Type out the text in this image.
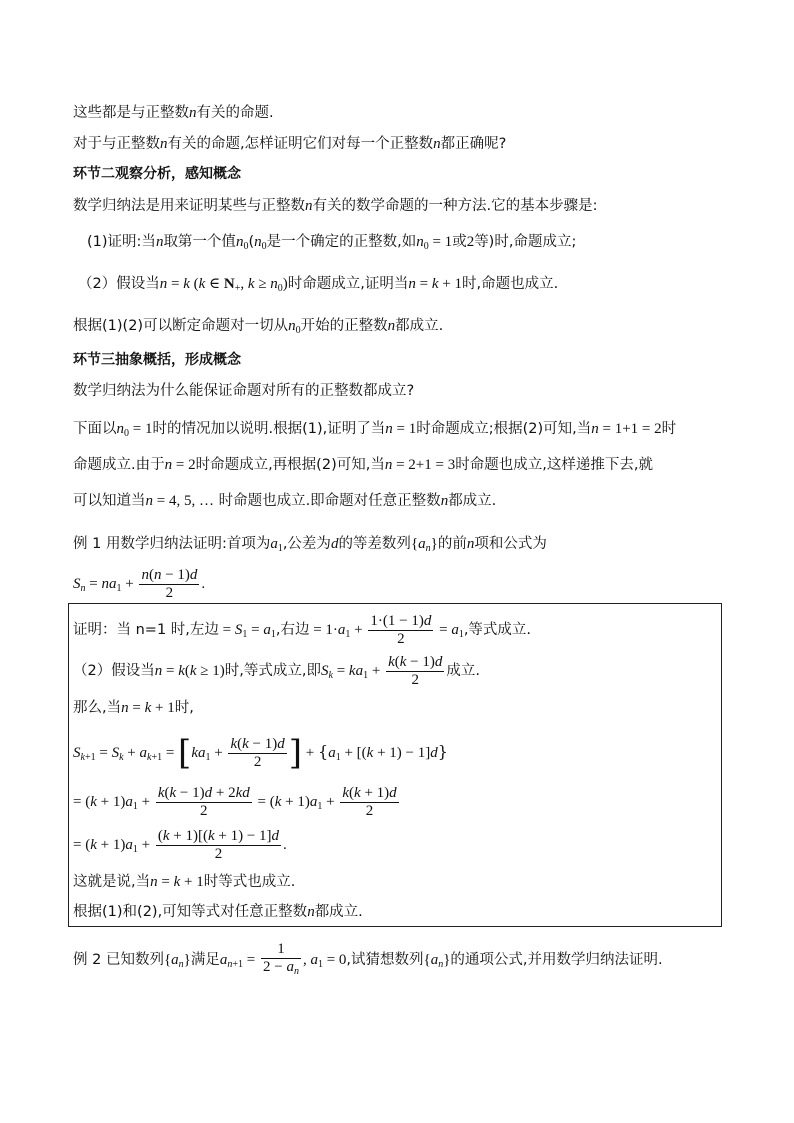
这些都是与正整数n有关的命题.
对于与正整数n有关的命题,怎样证明它们对每一个正整数n都正确呢?
环节二观察分析，感知概念
数学归纳法是用来证明某些与正整数n有关的数学命题的一种方法.它的基本步骤是:
(1)证明:当n取第一个值$n_0(n_0$是一个确定的正整数,如$n_0 = 1$或2等)时,命题成立;
（2）假设当n = k (k ∈ $N_+$, $k \ge n_0$)时命题成立,证明当n = k + 1时,命题也成立.
根据(1)(2)可以断定命题对一切从$n_0$开始的正整数n都成立.
环节三抽象概括，形成概念
数学归纳法为什么能保证命题对所有的正整数都成立?
下面以$n_0 = 1$时的情况加以说明.根据(1),证明了当n = 1时命题成立;根据(2)可知,当n = 1+1 = 2时
命题成立.由于n = 2时命题成立,再根据(2)可知,当n = 2+1 = 3时命题也成立,这样递推下去,就
可以知道当n = 4, 5, … 时命题也成立.即命题对任意正整数n都成立.
例 1 用数学归纳法证明:首项为$a_1$,公差为d的等差数列$\{a_n\}$的前n项和公式为
$S_n = na_1 + \frac{n(n - 1)d}{2}$ .
证明：当 n=1 时,左边 = $S_1 = a_1$,右边 = $1\cdot a_1 + \frac{1\cdot(1 - 1)d}{2} = a_1$,等式成立.
（2）假设当n = k(k ≥ 1)时,等式成立,即$S_k = ka_1 + \frac{k(k - 1)d}{2}$ 成立.
那么,当n = k + 1时,
$S_{k+1} = S_k + a_{k+1} = [ka_1 + \frac{k(k - 1)d}{2}$ ] + $\{a_1 + [(k + 1) - 1]d\}$
= $(k + 1)a_1 + \frac{k(k - 1)d + 2kd}{2} = (k + 1)a_1 + \frac{k(k + 1)d}{2}$
= $(k + 1)a_1 + \frac{(k + 1)[(k + 1) - 1]d}{2}$ .
这就是说,当n = k + 1时等式也成立.
根据(1)和(2),可知等式对任意正整数n都成立.
例 2 已知数列$\{a_n\}$满足$a_{n+1} = \frac{1}{2 - a_n}$ , $a_1 = 0$,试猜想数列$\{a_n\}$的通项公式,并用数学归纳法证明.
